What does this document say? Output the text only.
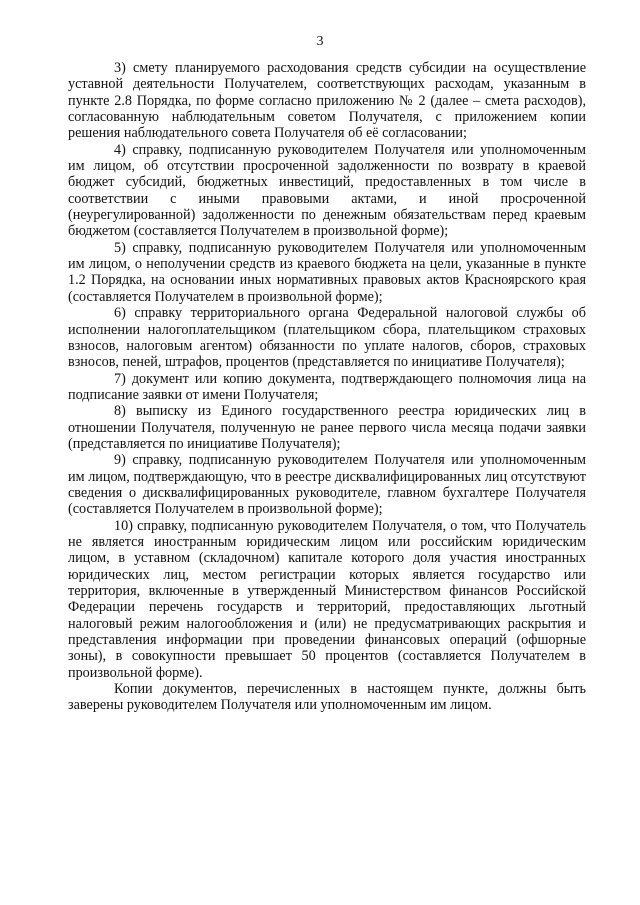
3

3) смету планируемого расходования средств субсидии на осуществление уставной деятельности Получателем, соответствующих расходам, указанным в пункте 2.8 Порядка, по форме согласно приложению № 2 (далее – смета расходов), согласованную наблюдательным советом Получателя, с приложением копии решения наблюдательного совета Получателя об её согласовании;

4) справку, подписанную руководителем Получателя или уполномоченным им лицом, об отсутствии просроченной задолженности по возврату в краевой бюджет субсидий, бюджетных инвестиций, предоставленных в том числе в соответствии с иными правовыми актами, и иной просроченной (неурегулированной) задолженности по денежным обязательствам перед краевым бюджетом (составляется Получателем в произвольной форме);

5) справку, подписанную руководителем Получателя или уполномоченным им лицом, о неполучении средств из краевого бюджета на цели, указанные в пункте 1.2 Порядка, на основании иных нормативных правовых актов Красноярского края (составляется Получателем в произвольной форме);

6) справку территориального органа Федеральной налоговой службы об исполнении налогоплательщиком (плательщиком сбора, плательщиком страховых взносов, налоговым агентом) обязанности по уплате налогов, сборов, страховых взносов, пеней, штрафов, процентов (представляется по инициативе Получателя);

7) документ или копию документа, подтверждающего полномочия лица на подписание заявки от имени Получателя;

8) выписку из Единого государственного реестра юридических лиц в отношении Получателя, полученную не ранее первого числа месяца подачи заявки (представляется по инициативе Получателя);

9) справку, подписанную руководителем Получателя или уполномоченным им лицом, подтверждающую, что в реестре дисквалифицированных лиц отсутствуют сведения о дисквалифицированных руководителе, главном бухгалтере Получателя (составляется Получателем в произвольной форме);

10) справку, подписанную руководителем Получателя, о том, что Получатель не является иностранным юридическим лицом или российским юридическим лицом, в уставном (складочном) капитале которого доля участия иностранных юридических лиц, местом регистрации которых является государство или территория, включенные в утвержденный Министерством финансов Российской Федерации перечень государств и территорий, предоставляющих льготный налоговый режим налогообложения и (или) не предусматривающих раскрытия и представления информации при проведении финансовых операций (офшорные зоны), в совокупности превышает 50 процентов (составляется Получателем в произвольной форме).

Копии документов, перечисленных в настоящем пункте, должны быть заверены руководителем Получателя или уполномоченным им лицом.
